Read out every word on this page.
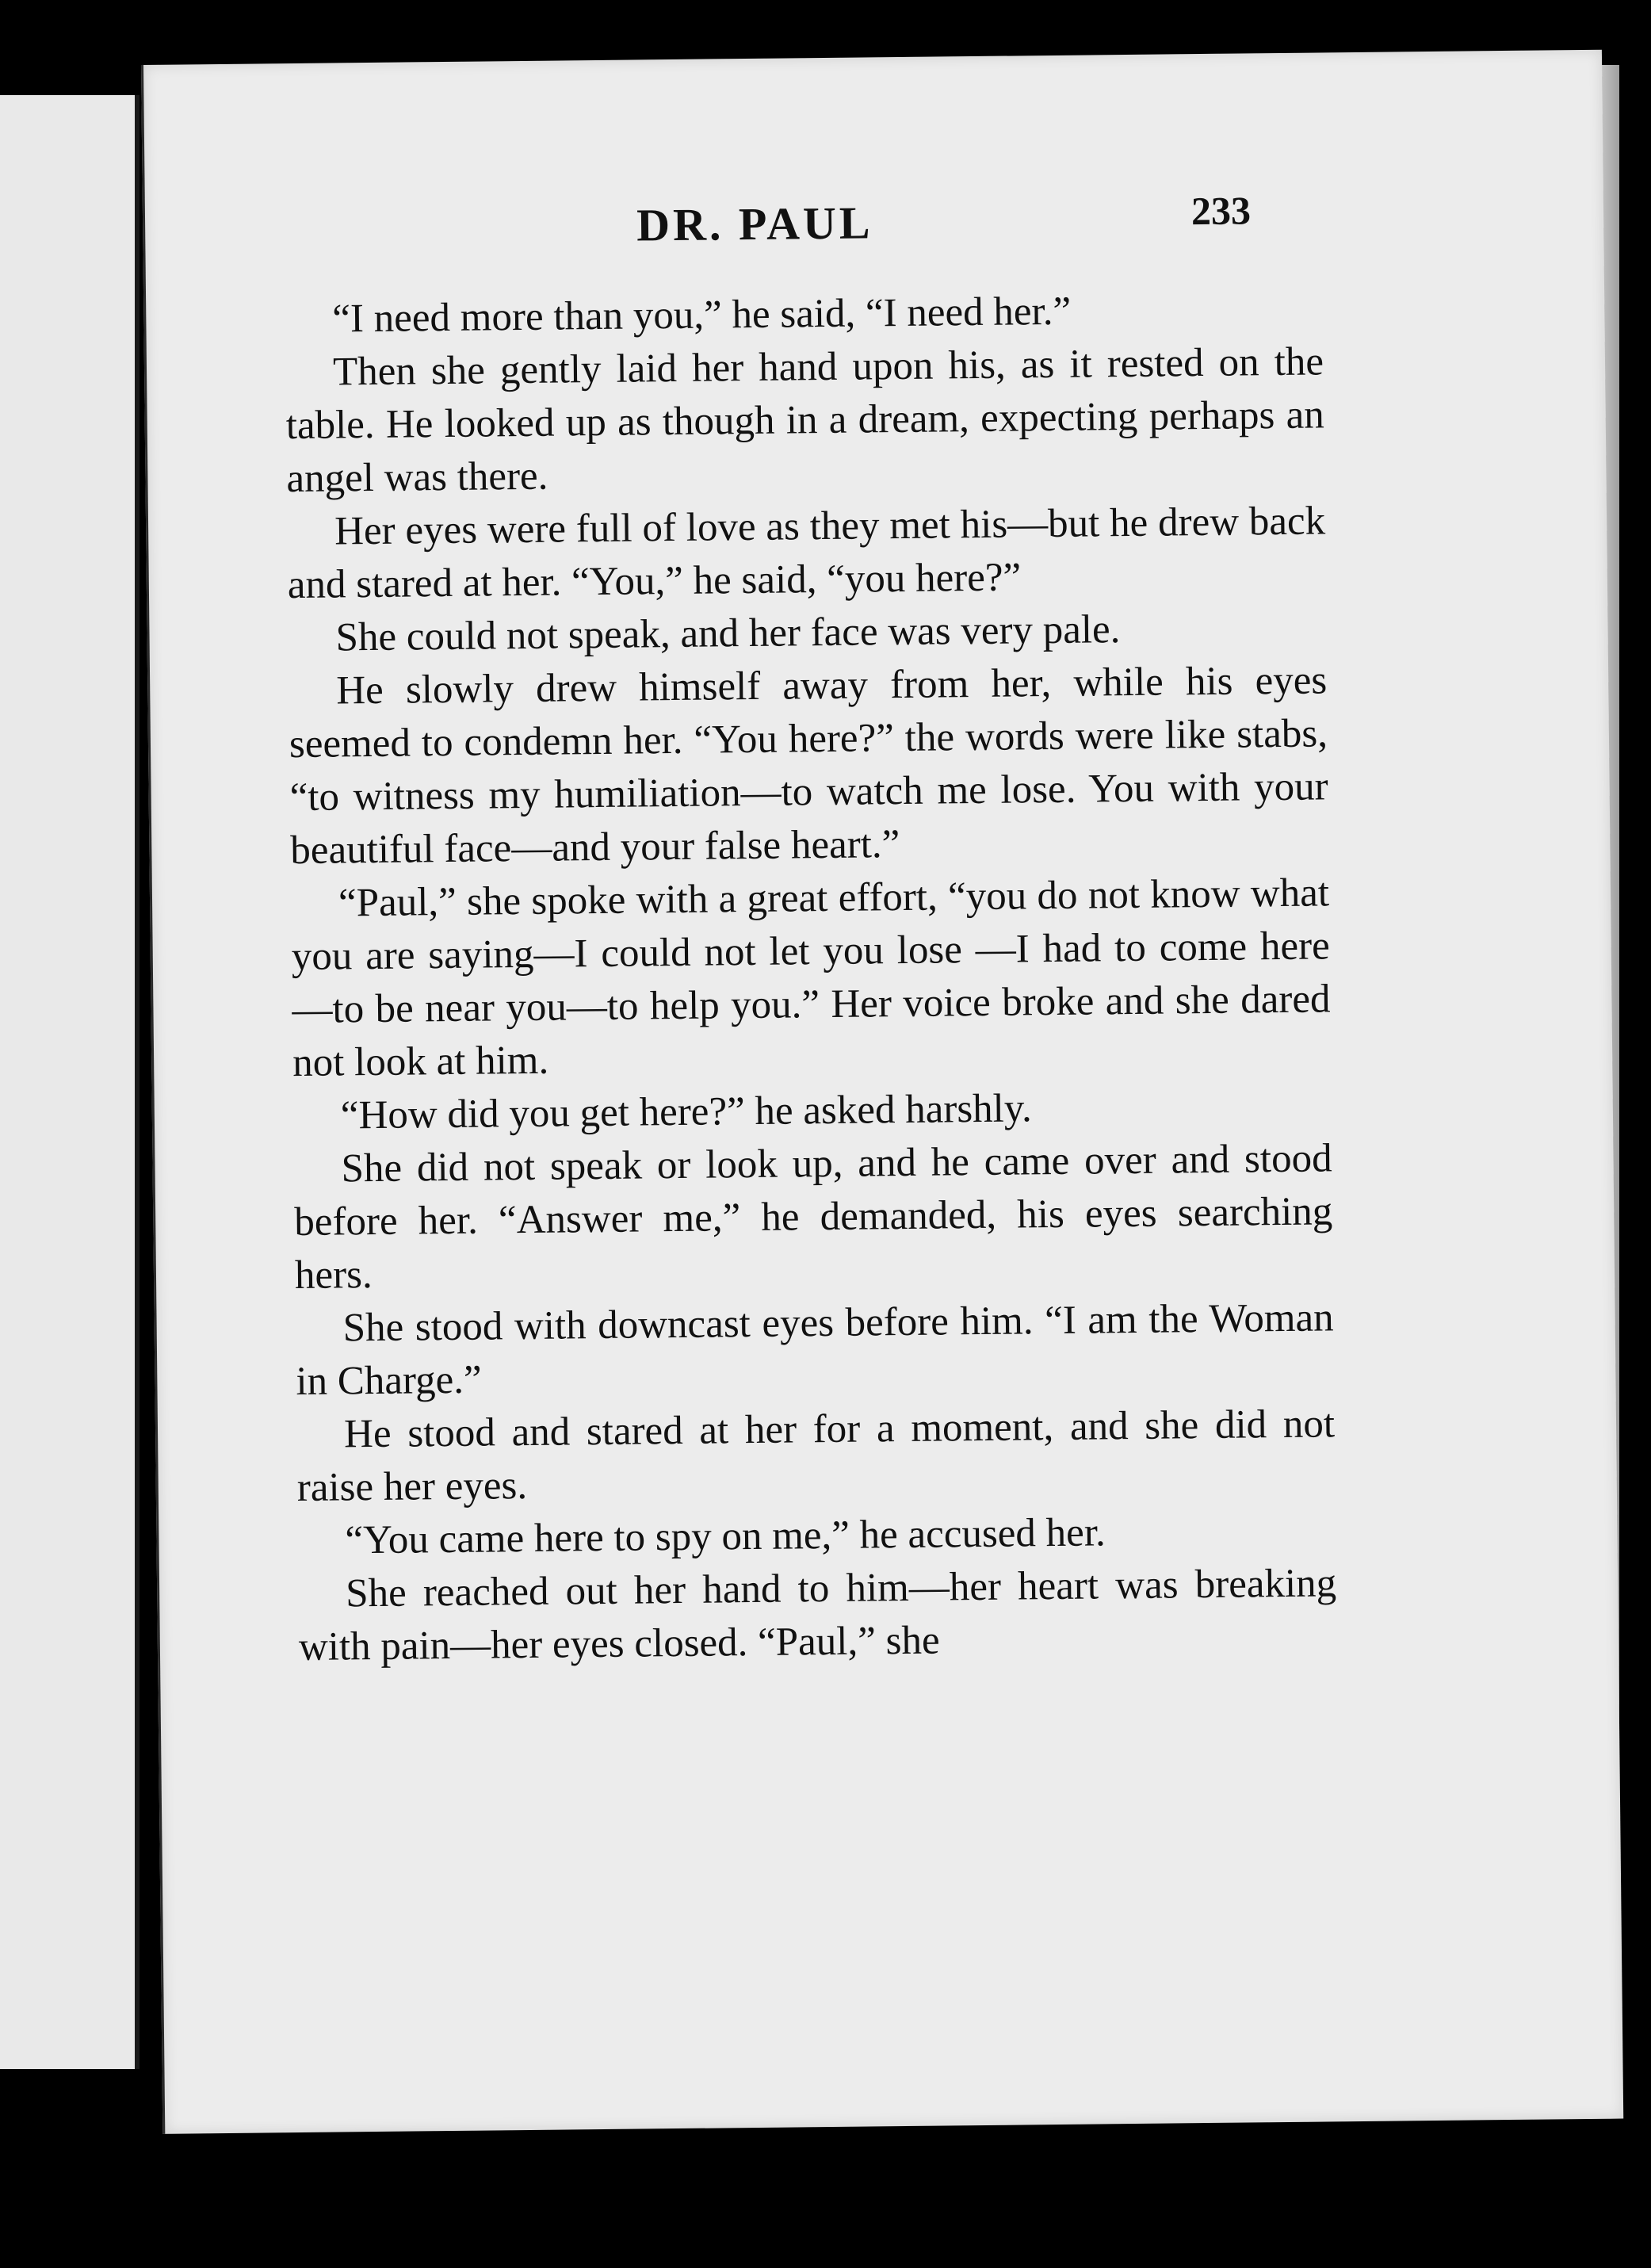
DR. PAUL	233

“I need more than you,” he said, “I need her.”

Then she gently laid her hand upon his, as it rested on the table. He looked up as though in a dream, expecting perhaps an angel was there.

Her eyes were full of love as they met his—but he drew back and stared at her. “You,” he said, “you here?”

She could not speak, and her face was very pale.

He slowly drew himself away from her, while his eyes seemed to condemn her. “You here?” the words were like stabs, “to witness my humiliation—to watch me lose. You with your beautiful face—and your false heart.”

“Paul,” she spoke with a great effort, “you do not know what you are saying—I could not let you lose —I had to come here—to be near you—to help you.” Her voice broke and she dared not look at him.

“How did you get here?” he asked harshly.

She did not speak or look up, and he came over and stood before her. “Answer me,” he demanded, his eyes searching hers.

She stood with downcast eyes before him. “I am the Woman in Charge.”

He stood and stared at her for a moment, and she did not raise her eyes.

“You came here to spy on me,” he accused her.

She reached out her hand to him—her heart was breaking with pain—her eyes closed. “Paul,” she
